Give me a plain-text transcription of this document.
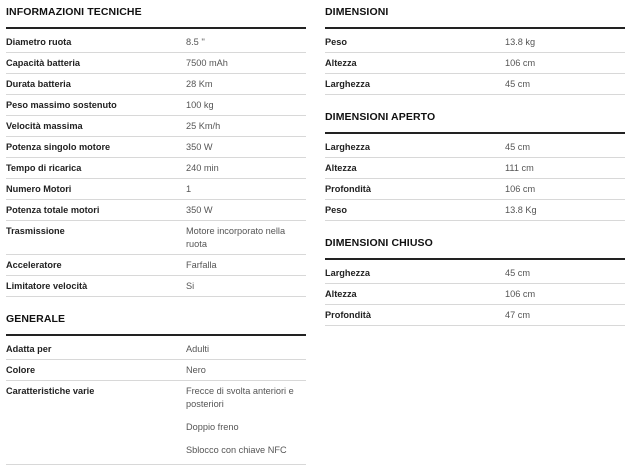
INFORMAZIONI TECNICHE
Diametro ruota	8.5 ''
Capacità batteria	7500 mAh
Durata batteria	28 Km
Peso massimo sostenuto	100 kg
Velocità massima	25 Km/h
Potenza singolo motore	350 W
Tempo di ricarica	240 min
Numero Motori	1
Potenza totale motori	350 W
Trasmissione	Motore incorporato nella ruota
Acceleratore	Farfalla
Limitatore velocità	Si
GENERALE
Adatta per	Adulti
Colore	Nero
Caratteristiche varie	Frecce di svolta anteriori e posteriori
Doppio freno
Sblocco con chiave NFC
DIMENSIONI
Peso	13.8 kg
Altezza	106 cm
Larghezza	45 cm
DIMENSIONI APERTO
Larghezza	45 cm
Altezza	111 cm
Profondità	106 cm
Peso	13.8 Kg
DIMENSIONI CHIUSO
Larghezza	45 cm
Altezza	106 cm
Profondità	47 cm
